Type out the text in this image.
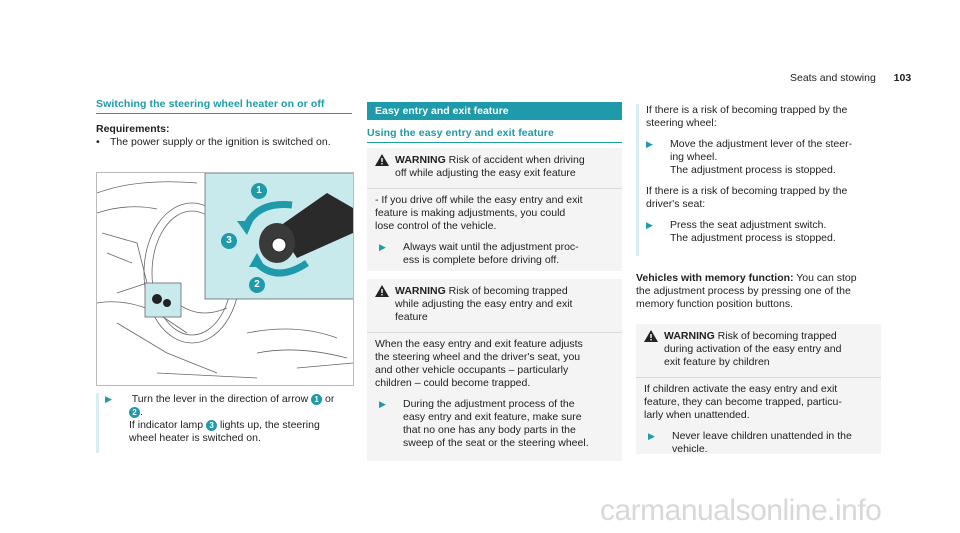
Seats and stowing 103
Switching the steering wheel heater on or off
Requirements:
• The power supply or the ignition is switched on.
1
3
2
▶ Turn the lever in the direction of arrow 1 or
2 .
If indicator lamp 3 lights up, the steering
wheel heater is switched on.
Easy entry and exit feature
Using the easy entry and exit feature
WARNING Risk of accident when driving
off while adjusting the easy exit feature
- If you drive off while the easy entry and exit
feature is making adjustments, you could
lose control of the vehicle.
▶	Always wait until the adjustment proc-
ess is complete before driving off.
WARNING Risk of becoming trapped
while adjusting the easy entry and exit
feature
When the easy entry and exit feature adjusts
the steering wheel and the driver's seat, you
and other vehicle occupants – particularly
children – could become trapped.
▶	During the adjustment process of the
easy entry and exit feature, make sure
that no one has any body parts in the
sweep of the seat or the steering wheel.
If there is a risk of becoming trapped by the
steering wheel:
▶	Move the adjustment lever of the steer-
ing wheel.
The adjustment process is stopped.
If there is a risk of becoming trapped by the
driver's seat:
▶	Press the seat adjustment switch.
The adjustment process is stopped.
Vehicles with memory function: You can stop
the adjustment process by pressing one of the
memory function position buttons.
WARNING Risk of becoming trapped
during activation of the easy entry and
exit feature by children
If children activate the easy entry and exit
feature, they can become trapped, particu-
larly when unattended.
▶	Never leave children unattended in the
vehicle.
carmanualsonline.info
